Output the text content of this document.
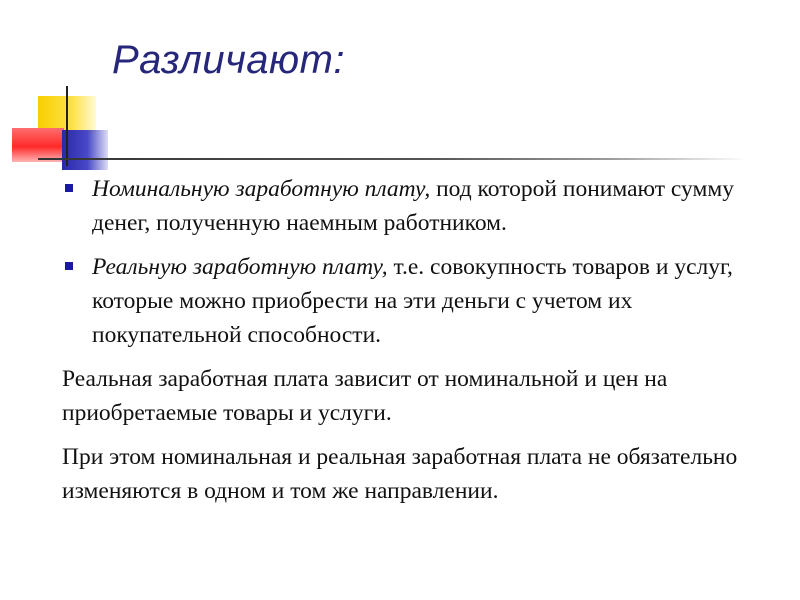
Различают:
Номинальную заработную плату, под которой понимают сумму денег, полученную наемным работником.
Реальную заработную плату, т.е. совокупность товаров и услуг, которые можно приобрести на эти деньги с учетом их покупательной способности.

Реальная заработная плата зависит от номинальной и цен на приобретаемые товары и услуги.

При этом номинальная и реальная заработная плата не обязательно изменяются в одном и том же направлении.
